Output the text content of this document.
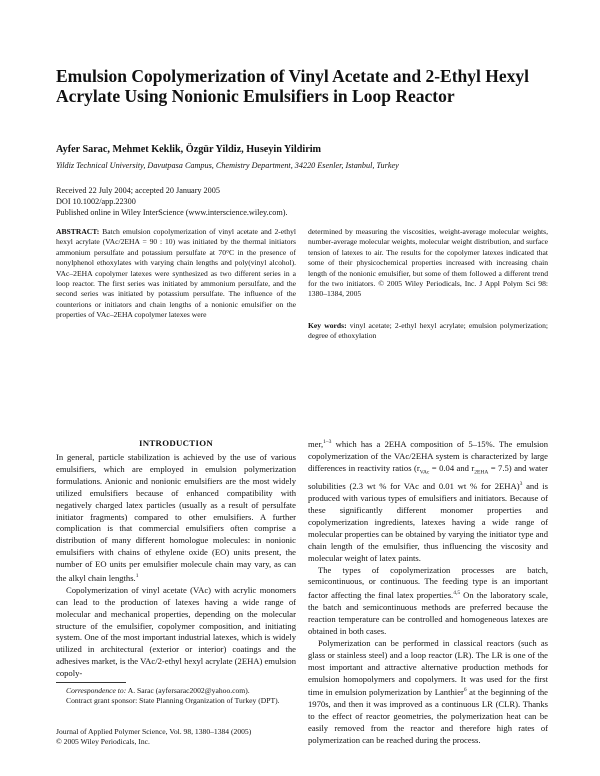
Emulsion Copolymerization of Vinyl Acetate and 2-Ethyl Hexyl Acrylate Using Nonionic Emulsifiers in Loop Reactor
Ayfer Sarac, Mehmet Keklik, Özgür Yildiz, Huseyin Yildirim
Yildiz Technical University, Davutpasa Campus, Chemistry Department, 34220 Esenler, Istanbul, Turkey
Received 22 July 2004; accepted 20 January 2005
DOI 10.1002/app.22300
Published online in Wiley InterScience (www.interscience.wiley.com).
ABSTRACT: Batch emulsion copolymerization of vinyl acetate and 2-ethyl hexyl acrylate (VAc/2EHA = 90 : 10) was initiated by the thermal initiators ammonium persulfate and potassium persulfate at 70°C in the presence of nonylphenol ethoxylates with varying chain lengths and poly(vinyl alcohol). VAc–2EHA copolymer latexes were synthesized as two different series in a loop reactor. The first series was initiated by ammonium persulfate, and the second series was initiated by potassium persulfate. The influence of the counterions or initiators and chain lengths of a nonionic emulsifier on the properties of VAc–2EHA copolymer latexes were
determined by measuring the viscosities, weight-average molecular weights, number-average molecular weights, molecular weight distribution, and surface tension of latexes to air. The results for the copolymer latexes indicated that some of their physicochemical properties increased with increasing chain length of the nonionic emulsifier, but some of them followed a different trend for the two initiators. © 2005 Wiley Periodicals, Inc. J Appl Polym Sci 98: 1380–1384, 2005
Key words: vinyl acetate; 2-ethyl hexyl acrylate; emulsion polymerization; degree of ethoxylation
INTRODUCTION

In general, particle stabilization is achieved by the use of various emulsifiers, which are employed in emulsion polymerization formulations. Anionic and nonionic emulsifiers are the most widely utilized emulsifiers because of enhanced compatibility with negatively charged latex particles (usually as a result of persulfate initiator fragments) compared to other emulsifiers. A further complication is that commercial emulsifiers often comprise a distribution of many different homologue molecules: in nonionic emulsifiers with chains of ethylene oxide (EO) units present, the number of EO units per emulsifier molecule chain may vary, as can the alkyl chain lengths.$^1$

Copolymerization of vinyl acetate (VAc) with acrylic monomers can lead to the production of latexes having a wide range of molecular and mechanical properties, depending on the molecular structure of the emulsifier, copolymer composition, and initiating system. One of the most important industrial latexes, which is widely utilized in architectural (exterior or interior) coatings and the adhesives market, is the VAc/2-ethyl hexyl acrylate (2EHA) emulsion copoly-

mer,$^{1-3}$ which has a 2EHA composition of 5–15%. The emulsion copolymerization of the VAc/2EHA system is characterized by large differences in reactivity ratios ($r_{VAc} = 0.04$ and $r_{2EHA} = 7.5$) and water solubilities (2.3 wt % for VAc and 0.01 wt % for 2EHA)$^3$ and is produced with various types of emulsifiers and initiators. Because of these significantly different monomer properties and copolymerization ingredients, latexes having a wide range of molecular properties can be obtained by varying the initiator type and chain length of the emulsifier, thus influencing the viscosity and molecular weight of latex paints.

The types of copolymerization processes are batch, semicontinuous, or continuous. The feeding type is an important factor affecting the final latex properties.$^{4,5}$ On the laboratory scale, the batch and semicontinuous methods are preferred because the reaction temperature can be controlled and homogeneous latexes are obtained in both cases.

Polymerization can be performed in classical reactors (such as glass or stainless steel) and a loop reactor (LR). The LR is one of the most important and attractive alternative production methods for emulsion homopolymers and copolymers. It was used for the first time in emulsion polymerization by Lanthier$^6$ at the beginning of the 1970s, and then it was improved as a continuous LR (CLR). Thanks to the effect of reactor geometries, the polymerization heat can be easily removed from the reactor and therefore high rates of polymerization can be reached during the process.

Correspondence to: A. Sarac (ayfersarac2002@yahoo.com).
Contract grant sponsor: State Planning Organization of Turkey (DPT).
Journal of Applied Polymer Science, Vol. 98, 1380–1384 (2005)
© 2005 Wiley Periodicals, Inc.
